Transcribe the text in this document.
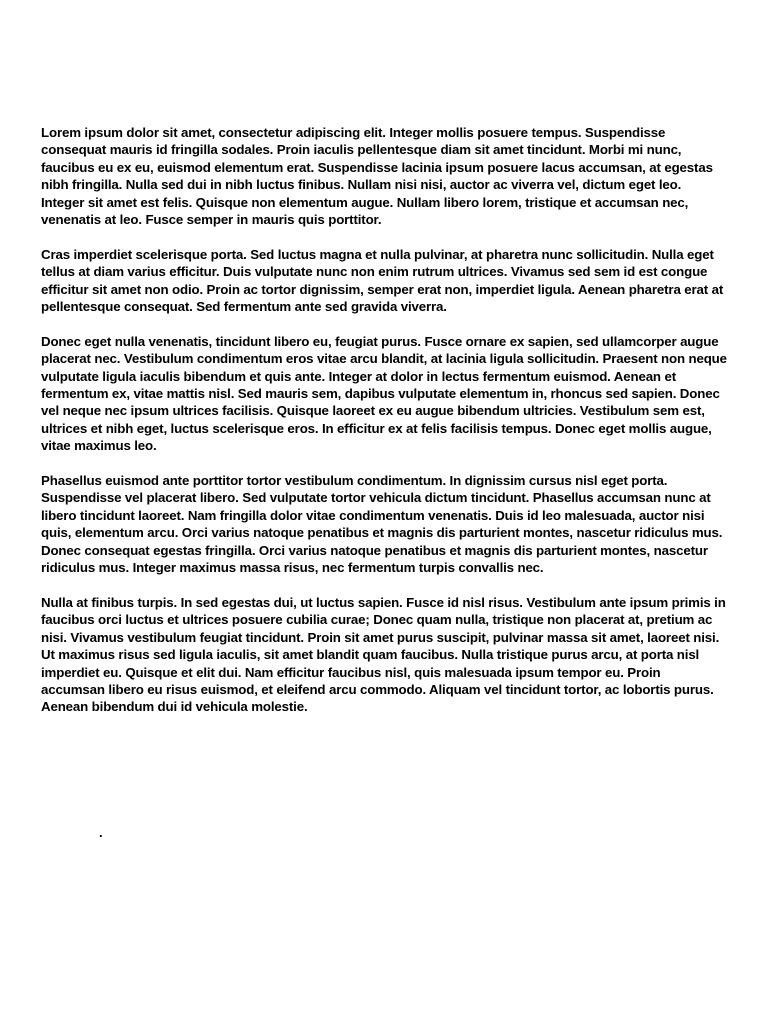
Lorem ipsum dolor sit amet, consectetur adipiscing elit. Integer mollis posuere tempus. Suspendisse consequat mauris id fringilla sodales. Proin iaculis pellentesque diam sit amet tincidunt. Morbi mi nunc, faucibus eu ex eu, euismod elementum erat. Suspendisse lacinia ipsum posuere lacus accumsan, at egestas nibh fringilla. Nulla sed dui in nibh luctus finibus. Nullam nisi nisi, auctor ac viverra vel, dictum eget leo. Integer sit amet est felis. Quisque non elementum augue. Nullam libero lorem, tristique et accumsan nec, venenatis at leo. Fusce semper in mauris quis porttitor.

Cras imperdiet scelerisque porta. Sed luctus magna et nulla pulvinar, at pharetra nunc sollicitudin. Nulla eget tellus at diam varius efficitur. Duis vulputate nunc non enim rutrum ultrices. Vivamus sed sem id est congue efficitur sit amet non odio. Proin ac tortor dignissim, semper erat non, imperdiet ligula. Aenean pharetra erat at pellentesque consequat. Sed fermentum ante sed gravida viverra.

Donec eget nulla venenatis, tincidunt libero eu, feugiat purus. Fusce ornare ex sapien, sed ullamcorper augue placerat nec. Vestibulum condimentum eros vitae arcu blandit, at lacinia ligula sollicitudin. Praesent non neque vulputate ligula iaculis bibendum et quis ante. Integer at dolor in lectus fermentum euismod. Aenean et fermentum ex, vitae mattis nisl. Sed mauris sem, dapibus vulputate elementum in, rhoncus sed sapien. Donec vel neque nec ipsum ultrices facilisis. Quisque laoreet ex eu augue bibendum ultricies. Vestibulum sem est, ultrices et nibh eget, luctus scelerisque eros. In efficitur ex at felis facilisis tempus. Donec eget mollis augue, vitae maximus leo.

Phasellus euismod ante porttitor tortor vestibulum condimentum. In dignissim cursus nisl eget porta. Suspendisse vel placerat libero. Sed vulputate tortor vehicula dictum tincidunt. Phasellus accumsan nunc at libero tincidunt laoreet. Nam fringilla dolor vitae condimentum venenatis. Duis id leo malesuada, auctor nisi quis, elementum arcu. Orci varius natoque penatibus et magnis dis parturient montes, nascetur ridiculus mus. Donec consequat egestas fringilla. Orci varius natoque penatibus et magnis dis parturient montes, nascetur ridiculus mus. Integer maximus massa risus, nec fermentum turpis convallis nec.

Nulla at finibus turpis. In sed egestas dui, ut luctus sapien. Fusce id nisl risus. Vestibulum ante ipsum primis in faucibus orci luctus et ultrices posuere cubilia curae; Donec quam nulla, tristique non placerat at, pretium ac nisi. Vivamus vestibulum feugiat tincidunt. Proin sit amet purus suscipit, pulvinar massa sit amet, laoreet nisi. Ut maximus risus sed ligula iaculis, sit amet blandit quam faucibus. Nulla tristique purus arcu, at porta nisl imperdiet eu. Quisque et elit dui. Nam efficitur faucibus nisl, quis malesuada ipsum tempor eu. Proin accumsan libero eu risus euismod, et eleifend arcu commodo. Aliquam vel tincidunt tortor, ac lobortis purus. Aenean bibendum dui id vehicula molestie.

.
